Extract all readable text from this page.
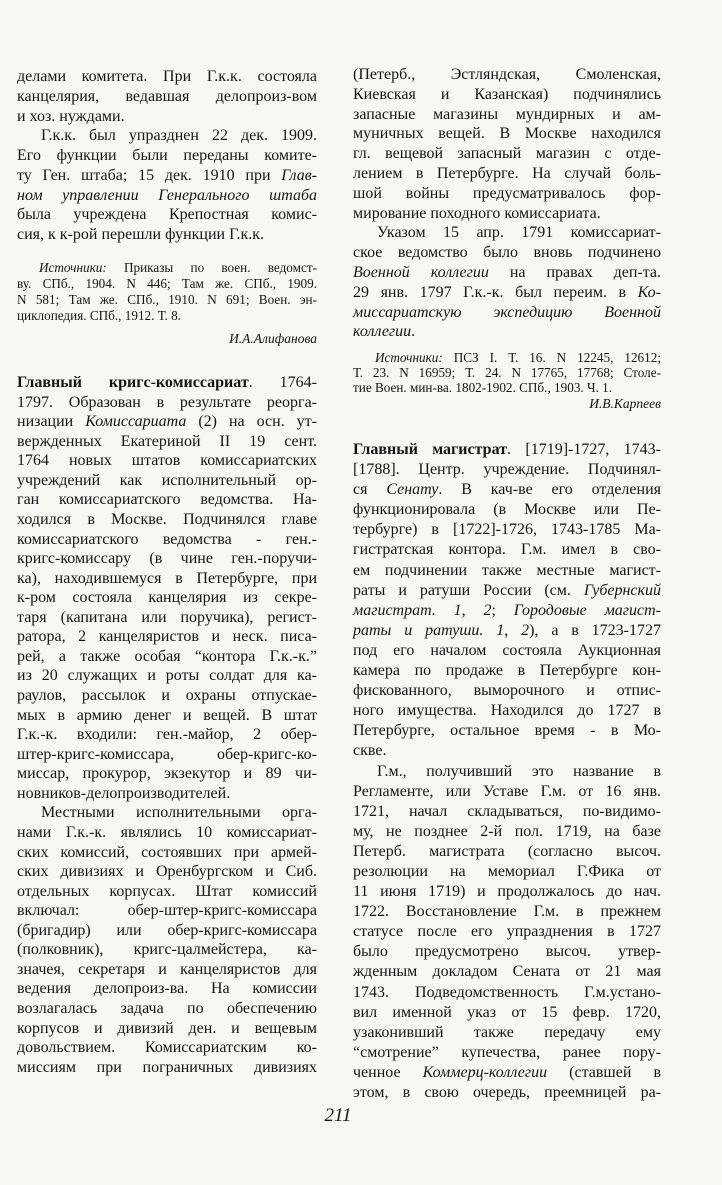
делами комитета. При Г.к.к. состояла
канцелярия, ведавшая делопроиз-вом
и хоз. нуждами.
Г.к.к. был упразднен 22 дек. 1909.
Его функции были переданы комите-
ту Ген. штаба; 15 дек. 1910 при Глав-
ном управлении Генерального штаба
была учреждена Крепостная комис-
сия, к к-рой перешли функции Г.к.к.
Источники: Приказы по воен. ведомст-
ву. СПб., 1904. N 446; Там же. СПб., 1909.
N 581; Там же. СПб., 1910. N 691; Воен. эн-
циклопедия. СПб., 1912. Т. 8.
И.А.Алифанова
Главный кригс-комиссариат. 1764-
1797. Образован в результате реорга-
низации Комиссариата (2) на осн. ут-
вержденных Екатериной II 19 сент.
1764 новых штатов комиссариатских
учреждений как исполнительный ор-
ган комиссариатского ведомства. На-
ходился в Москве. Подчинялся главе
комиссариатского ведомства - ген.-
кригс-комиссару (в чине ген.-поручи-
ка), находившемуся в Петербурге, при
к-ром состояла канцелярия из секре-
таря (капитана или поручика), регист-
ратора, 2 канцеляристов и неск. писа-
рей, а также особая “контора Г.к.-к.”
из 20 служащих и роты солдат для ка-
раулов, рассылок и охраны отпускае-
мых в армию денег и вещей. В штат
Г.к.-к. входили: ген.-майор, 2 обер-
штер-кригс-комиссара, обер-кригс-ко-
миссар, прокурор, экзекутор и 89 чи-
новников-делопроизводителей.
Местными исполнительными орга-
нами Г.к.-к. являлись 10 комиссариат-
ских комиссий, состоявших при армей-
ских дивизиях и Оренбургском и Сиб.
отдельных корпусах. Штат комиссий
включал: обер-штер-кригс-комиссара
(бригадир) или обер-кригс-комиссара
(полковник), кригс-цалмейстера, ка-
значея, секретаря и канцеляристов для
ведения делопроиз-ва. На комиссии
возлагалась задача по обеспечению
корпусов и дивизий ден. и вещевым
довольствием. Комиссариатским ко-
миссиям при пограничных дивизиях
(Петерб., Эстляндская, Смоленская,
Киевская и Казанская) подчинялись
запасные магазины мундирных и ам-
муничных вещей. В Москве находился
гл. вещевой запасный магазин с отде-
лением в Петербурге. На случай боль-
шой войны предусматривалось фор-
мирование походного комиссариата.
Указом 15 апр. 1791 комиссариат-
ское ведомство было вновь подчинено
Военной коллегии на правах деп-та.
29 янв. 1797 Г.к.-к. был переим. в Ко-
миссариатскую экспедицию Военной
коллегии.
Источники: ПСЗ I. Т. 16. N 12245, 12612;
Т. 23. N 16959; Т. 24. N 17765, 17768; Столе-
тие Воен. мин-ва. 1802-1902. СПб., 1903. Ч. 1.
И.В.Карпеев
Главный магистрат. [1719]-1727, 1743-
[1788]. Центр. учреждение. Подчинял-
ся Сенату. В кач-ве его отделения
функционировала (в Москве или Пе-
тербурге) в [1722]-1726, 1743-1785 Ма-
гистратская контора. Г.м. имел в сво-
ем подчинении также местные магист-
раты и ратуши России (см. Губернский
магистрат. 1, 2; Городовые магист-
раты и ратуши. 1, 2), а в 1723-1727
под его началом состояла Аукционная
камера по продаже в Петербурге кон-
фискованного, выморочного и отпис-
ного имущества. Находился до 1727 в
Петербурге, остальное время - в Мо-
скве.
Г.м., получивший это название в
Регламенте, или Уставе Г.м. от 16 янв.
1721, начал складываться, по-видимо-
му, не позднее 2-й пол. 1719, на базе
Петерб. магистрата (согласно высоч.
резолюции на мемориал Г.Фика от
11 июня 1719) и продолжалось до нач.
1722. Восстановление Г.м. в прежнем
статусе после его упразднения в 1727
было предусмотрено высоч. утвер-
жденным докладом Сената от 21 мая
1743. Подведомственность Г.м.устано-
вил именной указ от 15 февр. 1720,
узаконивший также передачу ему
“смотрение” купечества, ранее пору-
ченное Коммерц-коллегии (ставшей в
этом, в свою очередь, преемницей ра-
211
